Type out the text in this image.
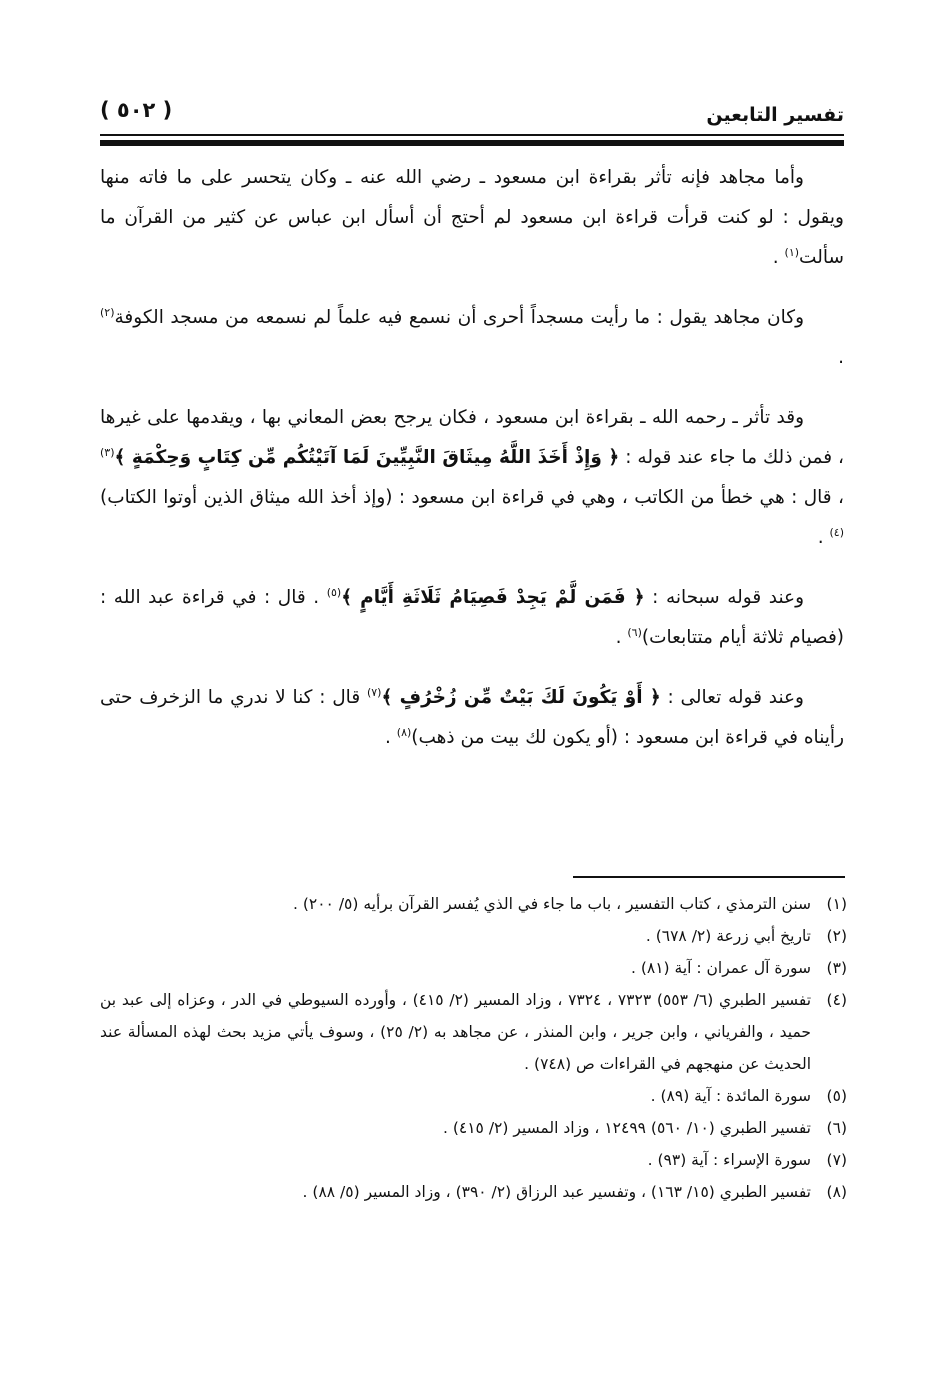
تفسير التابعين
( ٥٠٢ )

وأما مجاهد فإنه تأثر بقراءة ابن مسعود ـ رضي الله عنه ـ وكان يتحسر على ما فاته منها ويقول : لو كنت قرأت قراءة ابن مسعود لم أحتج أن أسأل ابن عباس عن كثير من القرآن ما سألت$^{(١)}$ .

وكان مجاهد يقول : ما رأيت مسجداً أحرى أن نسمع فيه علماً لم نسمعه من مسجد الكوفة$^{(٢)}$ .

وقد تأثر ـ رحمه الله ـ بقراءة ابن مسعود ، فكان يرجح بعض المعاني بها ، ويقدمها على غيرها ، فمن ذلك ما جاء عند قوله : ﴿ وَإِذْ أَخَذَ اللَّهُ مِيثَاقَ النَّبِيِّينَ لَمَا آتَيْتُكُم مِّن كِتَابٍ وَحِكْمَةٍ ﴾$^{(٣)}$ ، قال : هي خطأ من الكاتب ، وهي في قراءة ابن مسعود : (وإذ أخذ الله ميثاق الذين أوتوا الكتاب)$^{(٤)}$ .

وعند قوله سبحانه : ﴿ فَمَن لَّمْ يَجِدْ فَصِيَامُ ثَلَاثَةِ أَيَّامٍ ﴾$^{(٥)}$ . قال : في قراءة عبد الله : (فصيام ثلاثة أيام متتابعات)$^{(٦)}$ .

وعند قوله تعالى : ﴿ أَوْ يَكُونَ لَكَ بَيْتٌ مِّن زُخْرُفٍ ﴾$^{(٧)}$ قال : كنا لا ندري ما الزخرف حتى رأيناه في قراءة ابن مسعود : (أو يكون لك بيت من ذهب)$^{(٨)}$ .

(١)
سنن الترمذي ، كتاب التفسير ، باب ما جاء في الذي يُفسر القرآن برأيه (٥/ ٢٠٠) .
(٢)
تاريخ أبي زرعة (٢/ ٦٧٨) .
(٣)
سورة آل عمران : آية (٨١) .
(٤)
تفسير الطبري (٦/ ٥٥٣) ٧٣٢٣ ، ٧٣٢٤ ، وزاد المسير (٢/ ٤١٥) ، وأورده السيوطي في الدر ، وعزاه إلى عبد بن حميد ، والفرياني ، وابن جرير ، وابن المنذر ، عن مجاهد به (٢/ ٢٥) ، وسوف يأتي مزيد بحث لهذه المسألة عند الحديث عن منهجهم في القراءات ص (٧٤٨) .
(٥)
سورة المائدة : آية (٨٩) .
(٦)
تفسير الطبري (١٠/ ٥٦٠) ١٢٤٩٩ ، وزاد المسير (٢/ ٤١٥) .
(٧)
سورة الإسراء : آية (٩٣) .
(٨)
تفسير الطبري (١٥/ ١٦٣) ، وتفسير عبد الرزاق (٢/ ٣٩٠) ، وزاد المسير (٥/ ٨٨) .
